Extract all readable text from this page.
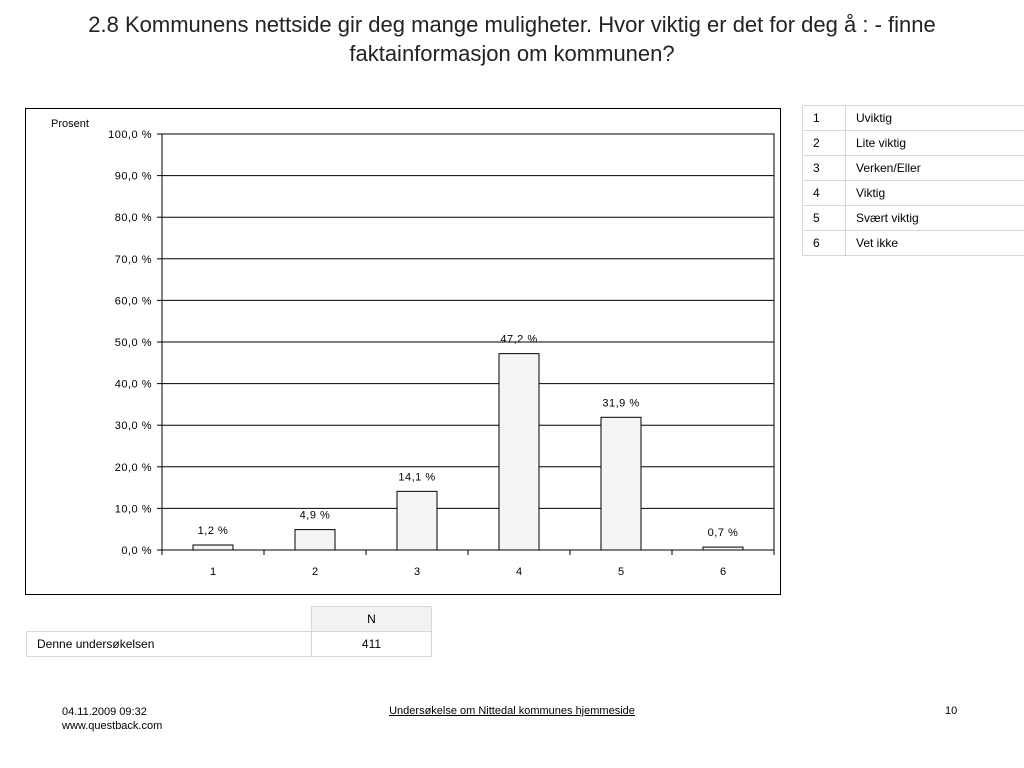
2.8 Kommunens nettside gir deg mange muligheter. Hvor viktig er det for deg å : - finne faktainformasjon om kommunen?
Prosent
0,0 %
10,0 %
20,0 %
30,0 %
40,0 %
50,0 %
60,0 %
70,0 %
80,0 %
90,0 %
100,0 %
1,2 %
1
4,9 %
2
14,1 %
3
47,2 %
4
31,9 %
5
0,7 %
6
1	Uviktig
2	Lite viktig
3	Verken/Eller
4	Viktig
5	Svært viktig
6	Vet ikke
	N
Denne undersøkelsen	411
04.11.2009 09:32
www.questback.com
Undersøkelse om Nittedal kommunes hjemmeside	10
